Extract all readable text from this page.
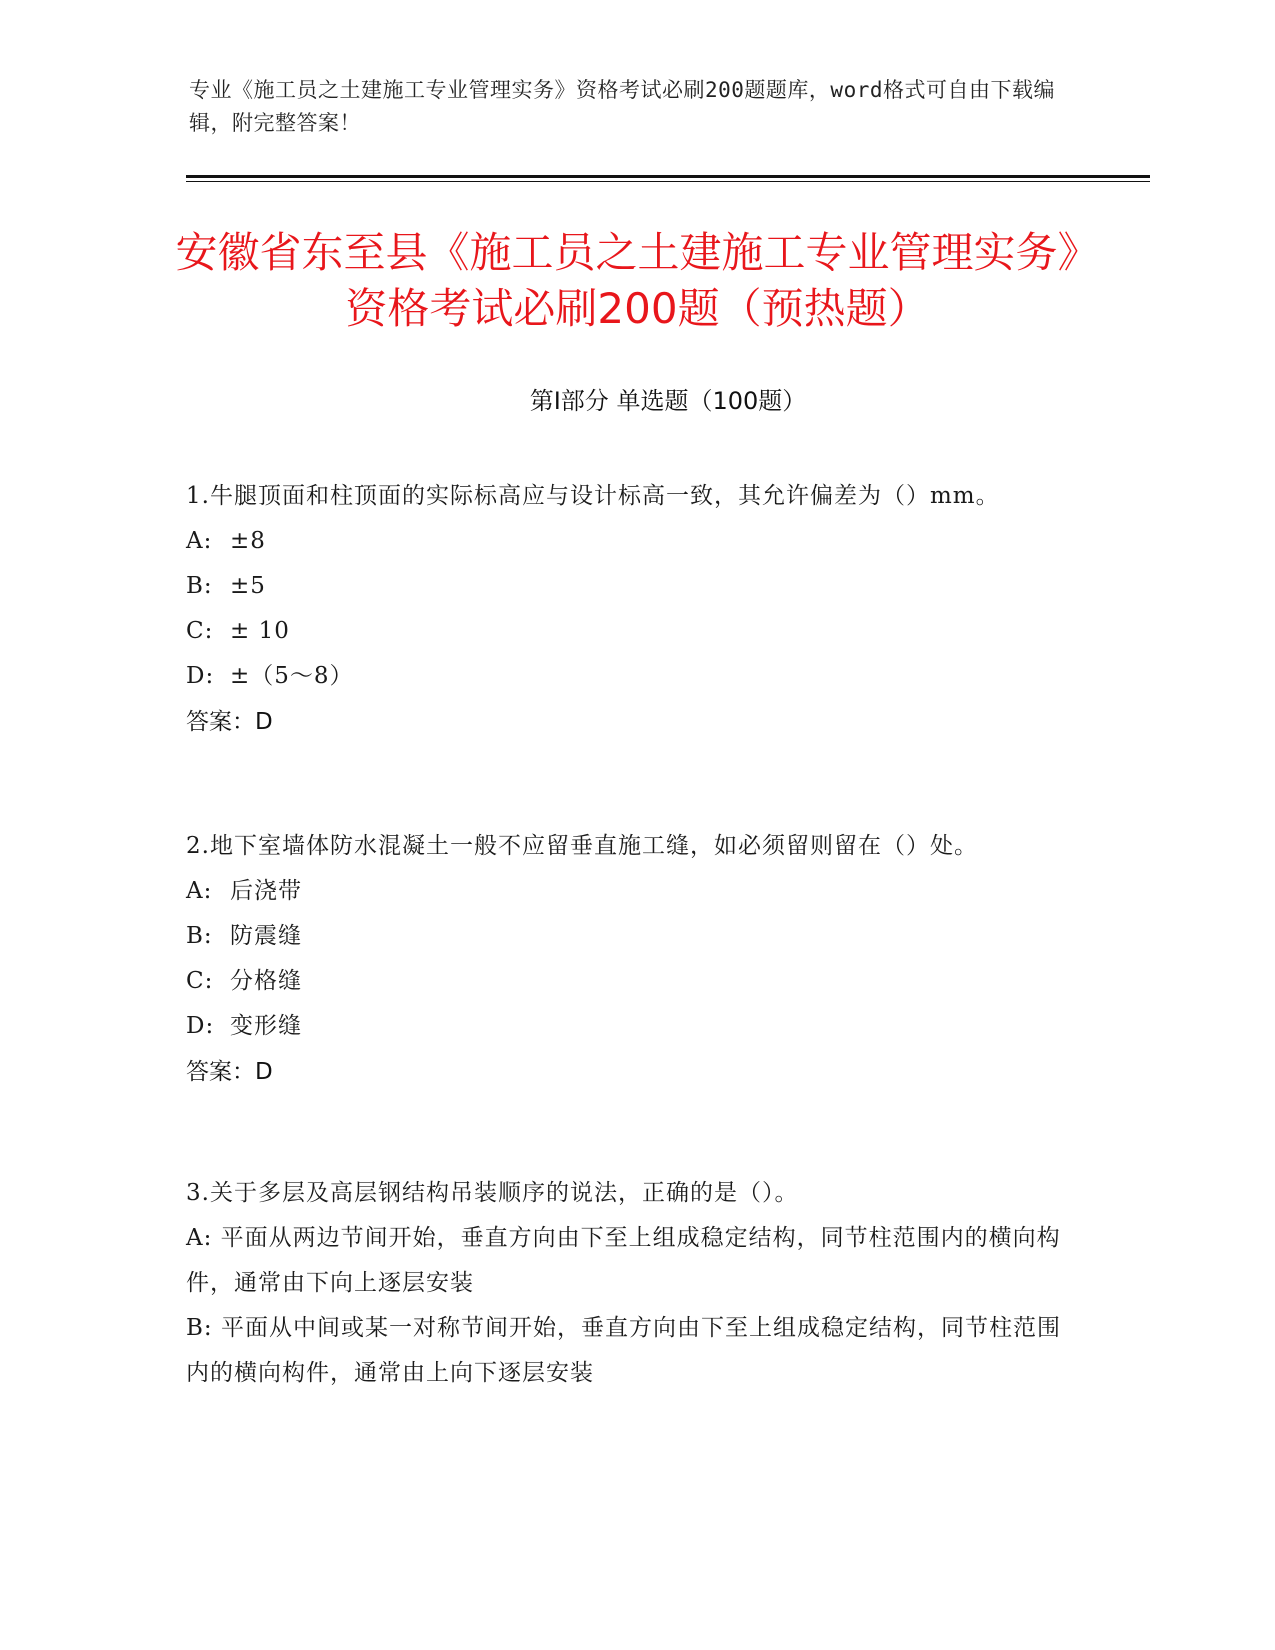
专业《施工员之土建施工专业管理实务》资格考试必刷200题题库，word格式可自由下载编辑，附完整答案！
安徽省东至县《施工员之土建施工专业管理实务》资格考试必刷200题（预热题）
第Ⅰ部分 单选题（100题）
1.牛腿顶面和柱顶面的实际标高应与设计标高一致，其允许偏差为（）mm。
A: ±8
B: ±5
C: ± 10
D: ±（5～8）
答案：D
2.地下室墙体防水混凝土一般不应留垂直施工缝，如必须留则留在（）处。
A: 后浇带
B: 防震缝
C: 分格缝
D: 变形缝
答案：D
3.关于多层及高层钢结构吊装顺序的说法，正确的是（）。
A: 平面从两边节间开始，垂直方向由下至上组成稳定结构，同节柱范围内的横向构件，通常由下向上逐层安装
B: 平面从中间或某一对称节间开始，垂直方向由下至上组成稳定结构，同节柱范围内的横向构件，通常由上向下逐层安装
